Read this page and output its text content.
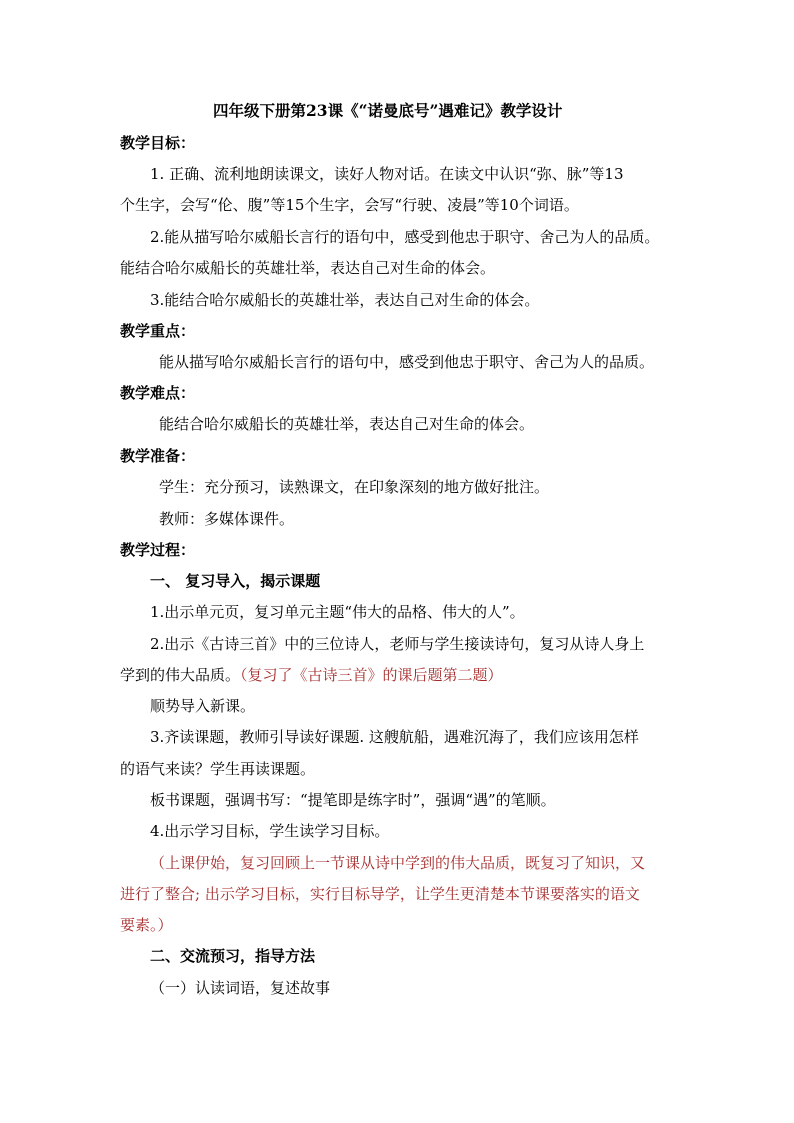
四年级下册第23课《“诺曼底号”遇难记》教学设计
教学目标：
1. 正确、流利地朗读课文，读好人物对话。在读文中认识“弥、脉”等13
个生字，会写“伦、腹”等15个生字，会写“行驶、凌晨”等10个词语。
2.能从描写哈尔威船长言行的语句中，感受到他忠于职守、舍己为人的品质。
能结合哈尔威船长的英雄壮举，表达自己对生命的体会。
3.能结合哈尔威船长的英雄壮举，表达自己对生命的体会。
教学重点：
能从描写哈尔威船长言行的语句中，感受到他忠于职守、舍己为人的品质。
教学难点：
能结合哈尔威船长的英雄壮举，表达自己对生命的体会。
教学准备：
学生：充分预习，读熟课文，在印象深刻的地方做好批注。
教师：多媒体课件。
教学过程：
一、 复习导入，揭示课题
1.出示单元页，复习单元主题“伟大的品格、伟大的人”。
2.出示《古诗三首》中的三位诗人，老师与学生接读诗句，复习从诗人身上
学到的伟大品质。（复习了《古诗三首》的课后题第二题）
顺势导入新课。
3.齐读课题，教师引导读好课题. 这艘航船，遇难沉海了，我们应该用怎样
的语气来读？学生再读课题。
板书课题，强调书写：“提笔即是练字时”，强调“遇”的笔顺。
4.出示学习目标，学生读学习目标。
（上课伊始，复习回顾上一节课从诗中学到的伟大品质，既复习了知识，又
进行了整合; 出示学习目标，实行目标导学，让学生更清楚本节课要落实的语文
要素。）
二、交流预习，指导方法
（一）认读词语，复述故事
